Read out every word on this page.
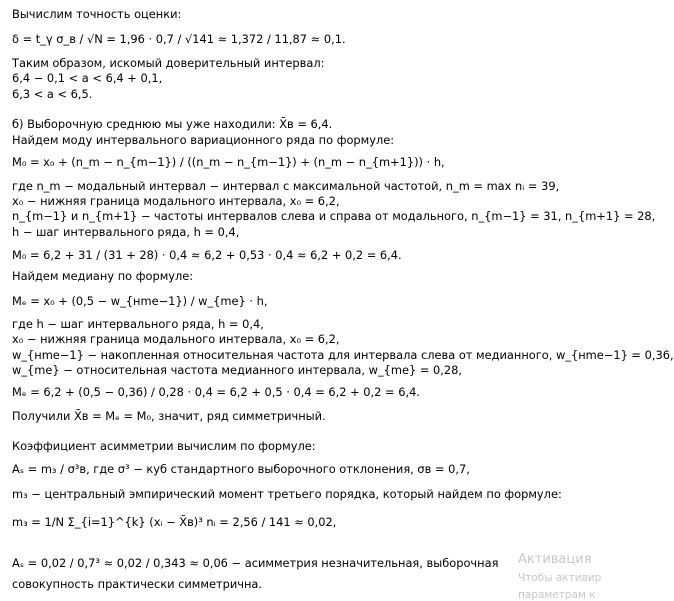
Вычислим точность оценки:
δ = t_γ σ_в / √N = 1,96 · 0,7 / √141 ≈ 1,372 / 11,87 ≈ 0,1.
Таким образом, искомый доверительный интервал:
6,4 − 0,1 < a < 6,4 + 0,1,
6,3 < a < 6,5.
б) Выборочную среднюю мы уже находили: X̄в = 6,4.
Найдем моду интервального вариационного ряда по формуле:
M₀ = x₀ + (n_m − n_{m−1}) / ((n_m − n_{m−1}) + (n_m − n_{m+1})) · h,
где n_m − модальный интервал − интервал с максимальной частотой, n_m = max nᵢ = 39,
x₀ − нижняя граница модального интервала, x₀ = 6,2,
n_{m−1} и n_{m+1} − частоты интервалов слева и справа от модального, n_{m−1} = 31, n_{m+1} = 28,
h − шаг интервального ряда, h = 0,4,
M₀ = 6,2 + 31 / (31 + 28) · 0,4 ≈ 6,2 + 0,53 · 0,4 ≈ 6,2 + 0,2 = 6,4.
Найдем медиану по формуле:
Mₑ = x₀ + (0,5 − w_{нme−1}) / w_{me} · h,
где h − шаг интервального ряда, h = 0,4,
x₀ − нижняя граница модального интервала, x₀ = 6,2,
w_{нme−1} − накопленная относительная частота для интервала слева от медианного, w_{нme−1} = 0,36,
w_{me} − относительная частота медианного интервала, w_{me} = 0,28,
Mₑ = 6,2 + (0,5 − 0,36) / 0,28 · 0,4 = 6,2 + 0,5 · 0,4 = 6,2 + 0,2 = 6,4.
Получили X̄в = Mₑ = M₀, значит, ряд симметричный.
Коэффициент асимметрии вычислим по формуле:
Aₛ = m₃ / σ³в, где σ³ − куб стандартного выборочного отклонения, σв = 0,7,
m₃ − центральный эмпирический момент третьего порядка, который найдем по формуле:
m₃ = 1/N Σ_{i=1}^{k} (xᵢ − X̄в)³ nᵢ = 2,56 / 141 ≈ 0,02,
Aₛ = 0,02 / 0,7³ ≈ 0,02 / 0,343 ≈ 0,06 − асимметрия незначительная, выборочная
совокупность практически симметрична.
Активация
Чтобы активир
параметрам к
